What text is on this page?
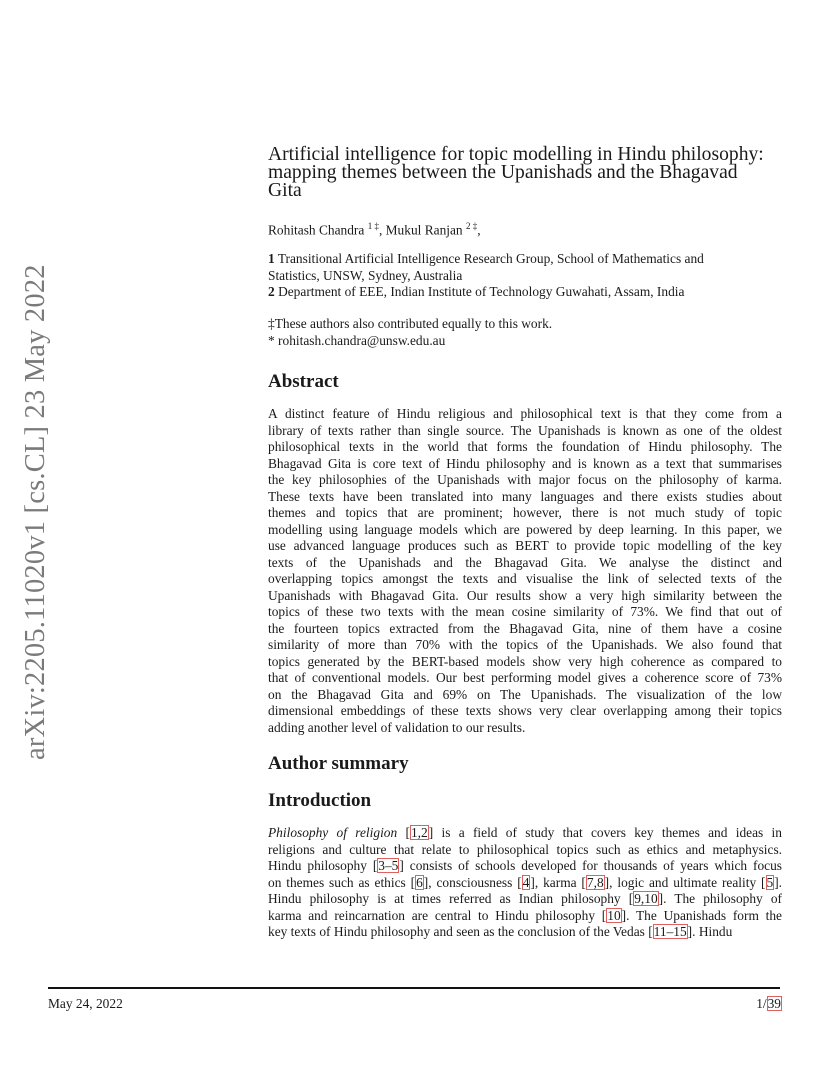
arXiv:2205.11020v1 [cs.CL] 23 May 2022
Artificial intelligence for topic modelling in Hindu philosophy:
mapping themes between the Upanishads and the Bhagavad
Gita
Rohitash Chandra $^{1 \ddagger}$, Mukul Ranjan $^{2 \ddagger}$,
1 Transitional Artificial Intelligence Research Group, School of Mathematics and
Statistics, UNSW, Sydney, Australia
2 Department of EEE, Indian Institute of Technology Guwahati, Assam, India
‡These authors also contributed equally to this work.
* rohitash.chandra@unsw.edu.au
Abstract
A distinct feature of Hindu religious and philosophical text is that they come from a
library of texts rather than single source. The Upanishads is known as one of the oldest
philosophical texts in the world that forms the foundation of Hindu philosophy. The
Bhagavad Gita is core text of Hindu philosophy and is known as a text that summarises
the key philosophies of the Upanishads with major focus on the philosophy of karma.
These texts have been translated into many languages and there exists studies about
themes and topics that are prominent; however, there is not much study of topic
modelling using language models which are powered by deep learning. In this paper, we
use advanced language produces such as BERT to provide topic modelling of the key
texts of the Upanishads and the Bhagavad Gita. We analyse the distinct and
overlapping topics amongst the texts and visualise the link of selected texts of the
Upanishads with Bhagavad Gita. Our results show a very high similarity between the
topics of these two texts with the mean cosine similarity of 73%. We find that out of
the fourteen topics extracted from the Bhagavad Gita, nine of them have a cosine
similarity of more than 70% with the topics of the Upanishads. We also found that
topics generated by the BERT-based models show very high coherence as compared to
that of conventional models. Our best performing model gives a coherence score of 73%
on the Bhagavad Gita and 69% on The Upanishads. The visualization of the low
dimensional embeddings of these texts shows very clear overlapping among their topics
adding another level of validation to our results.
Author summary
Introduction
Philosophy of religion [1,2] is a field of study that covers key themes and ideas in
religions and culture that relate to philosophical topics such as ethics and metaphysics.
Hindu philosophy [3–5] consists of schools developed for thousands of years which focus
on themes such as ethics [6], consciousness [4], karma [7,8], logic and ultimate reality [5].
Hindu philosophy is at times referred as Indian philosophy [9,10]. The philosophy of
karma and reincarnation are central to Hindu philosophy [10]. The Upanishads form the
key texts of Hindu philosophy and seen as the conclusion of the Vedas [11–15]. Hindu
May 24, 2022	1/39
